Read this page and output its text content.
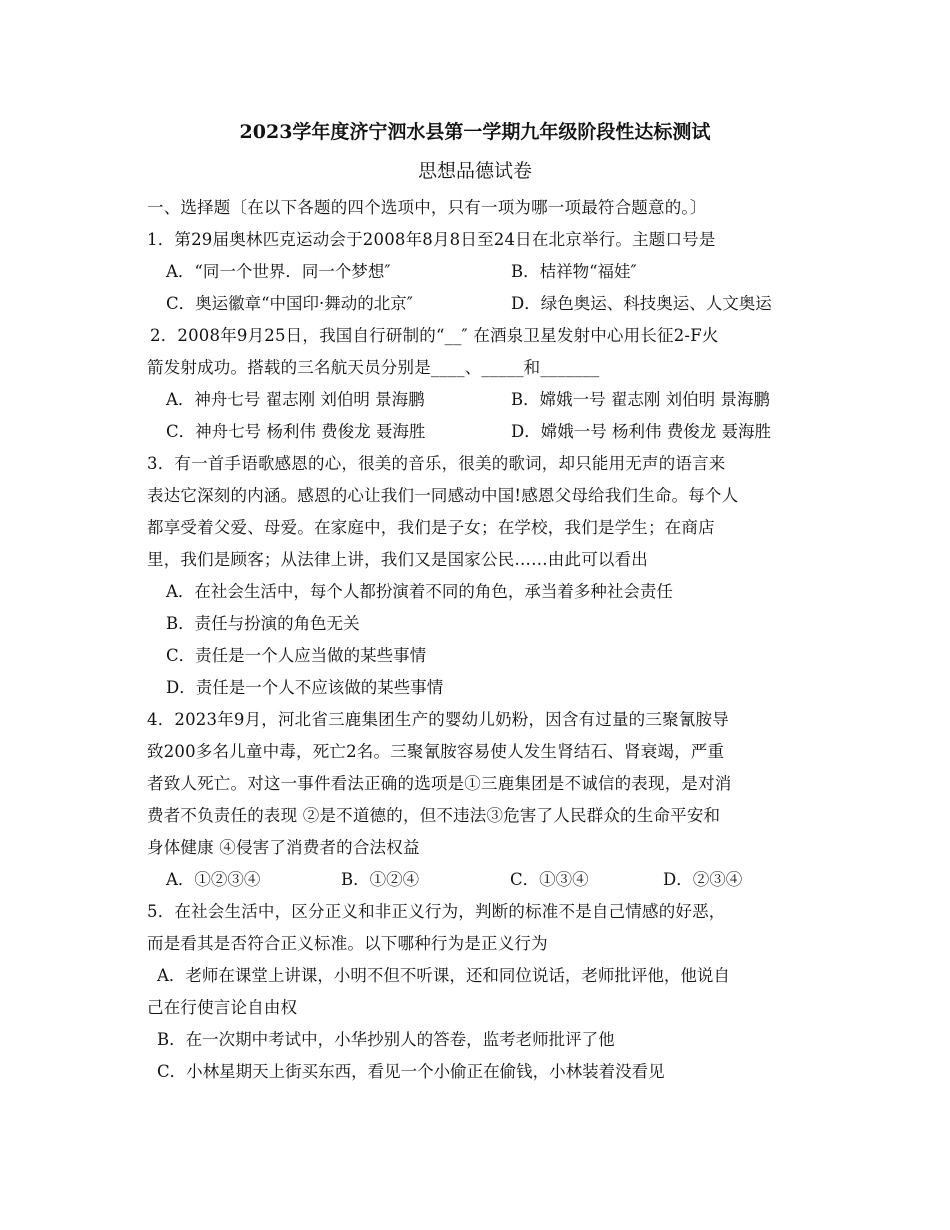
2023学年度济宁泗水县第一学期九年级阶段性达标测试
思想品德试卷
一、选择题〔在以下各题的四个选项中，只有一项为哪一项最符合题意的。〕
1．第29届奥林匹克运动会于2008年8月8日至24日在北京举行。主题口号是
A．“同一个世界．同一个梦想″	B．桔祥物“福娃″
C．奥运徽章“中国印·舞动的北京″	D．绿色奥运、科技奥运、人文奥运
2．2008年9月25日，我国自行研制的“__″ 在酒泉卫星发射中心用长征2-F火
箭发射成功。搭载的三名航天员分别是____、_____和_______
A．神舟七号 翟志刚 刘伯明 景海鹏	B．嫦娥一号 翟志刚 刘伯明 景海鹏
C．神舟七号 杨利伟 费俊龙 聂海胜	D．嫦娥一号 杨利伟 费俊龙 聂海胜
3．有一首手语歌感恩的心，很美的音乐，很美的歌词，却只能用无声的语言来
表达它深刻的内涵。感恩的心让我们一同感动中国!感恩父母给我们生命。每个人
都享受着父爱、母爱。在家庭中，我们是子女；在学校，我们是学生；在商店
里，我们是顾客；从法律上讲，我们又是国家公民……由此可以看出
A．在社会生活中，每个人都扮演着不同的角色，承当着多种社会责任
B．责任与扮演的角色无关
C．责任是一个人应当做的某些事情
D．责任是一个人不应该做的某些事情
4．2023年9月，河北省三鹿集团生产的婴幼儿奶粉，因含有过量的三聚氰胺导
致200多名儿童中毒，死亡2名。三聚氰胺容易使人发生肾结石、肾衰竭，严重
者致人死亡。对这一事件看法正确的选项是①三鹿集团是不诚信的表现，是对消
费者不负责任的表现 ②是不道德的，但不违法③危害了人民群众的生命平安和
身体健康 ④侵害了消费者的合法权益
A．①②③④	B．①②④	C．①③④	D．②③④
5．在社会生活中，区分正义和非正义行为，判断的标准不是自己情感的好恶，
而是看其是否符合正义标准。以下哪种行为是正义行为
A．老师在课堂上讲课，小明不但不听课，还和同位说话，老师批评他，他说自
己在行使言论自由权
B．在一次期中考试中，小华抄别人的答卷，监考老师批评了他
C．小林星期天上街买东西，看见一个小偷正在偷钱，小林装着没看见
